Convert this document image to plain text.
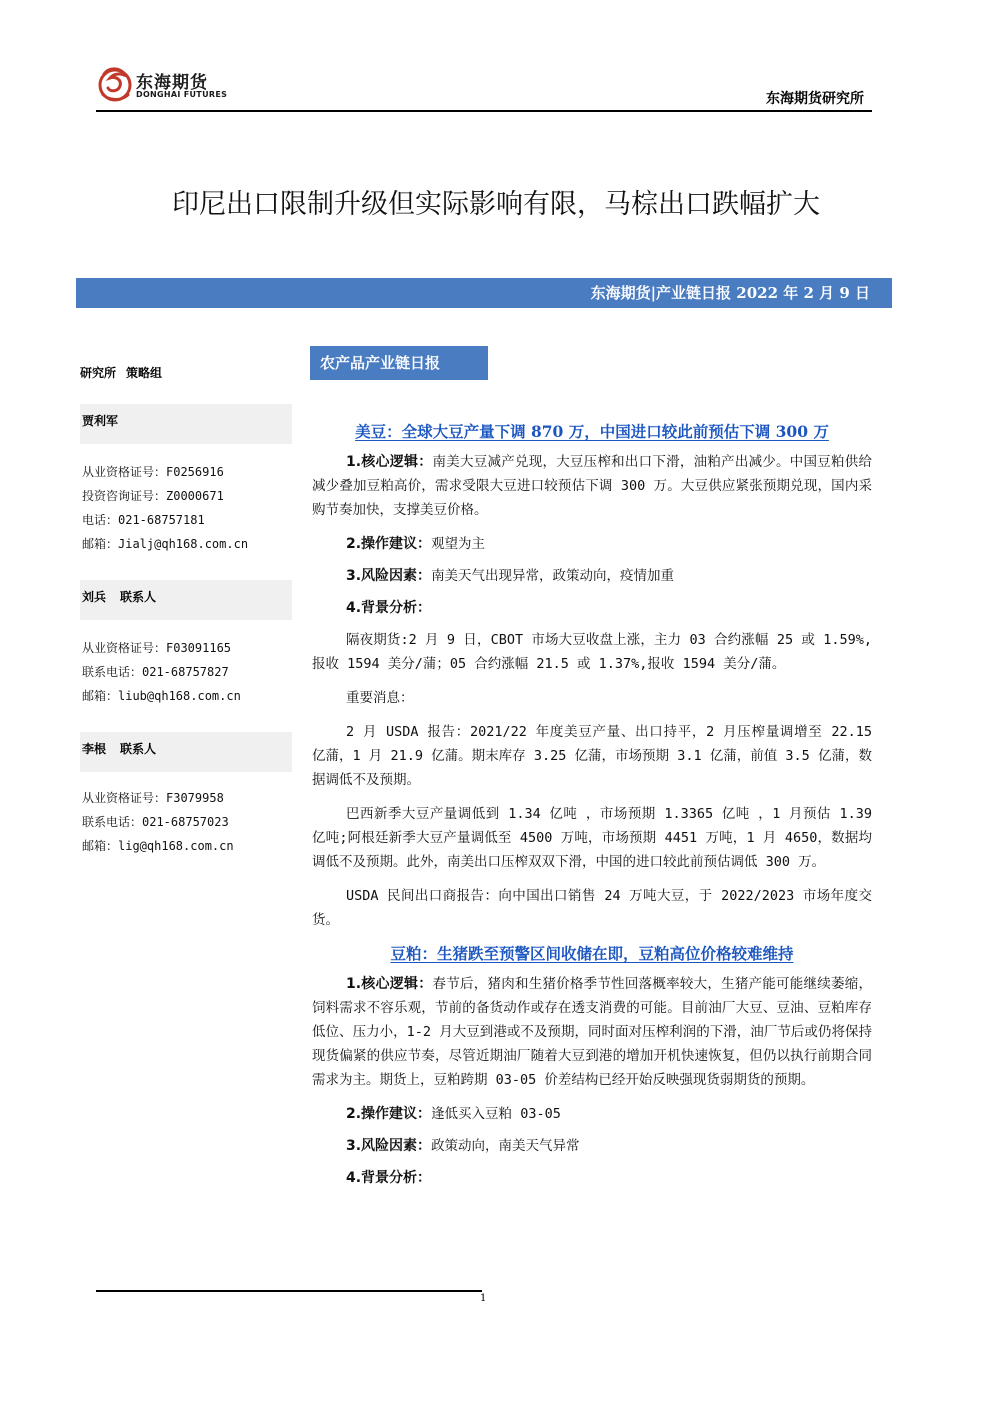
东海期货
DONGHAI FUTURES	东海期货研究所
印尼出口限制升级但实际影响有限，马棕出口跌幅扩大
东海期货|产业链日报 2022 年 2 月 9 日
研究所 策略组
贾利军
从业资格证号：F0256916
投资咨询证号：Z0000671
电话：021-68757181
邮箱：Jialj@qh168.com.cn
刘兵 联系人
从业资格证号：F03091165
联系电话：021-68757827
邮箱：liub@qh168.com.cn
李根 联系人
从业资格证号：F3079958
联系电话：021-68757023
邮箱：lig@qh168.com.cn
农产品产业链日报
美豆：全球大豆产量下调 870 万，中国进口较此前预估下调 300 万

1.核心逻辑：南美大豆减产兑现，大豆压榨和出口下滑，油粕产出减少。中国豆粕供给减少叠加豆粕高价，需求受限大豆进口较预估下调 300 万。大豆供应紧张预期兑现，国内采购节奏加快，支撑美豆价格。

2.操作建议：观望为主

3.风险因素：南美天气出现异常，政策动向，疫情加重

4.背景分析：

隔夜期货:2 月 9 日，CBOT 市场大豆收盘上涨，主力 03 合约涨幅 25 或 1.59%,报收 1594 美分/蒲；05 合约涨幅 21.5 或 1.37%,报收 1594 美分/蒲。

重要消息：

2 月 USDA 报告：2021/22 年度美豆产量、出口持平，2 月压榨量调增至 22.15 亿蒲，1 月 21.9 亿蒲。期末库存 3.25 亿蒲，市场预期 3.1 亿蒲，前值 3.5 亿蒲，数据调低不及预期。

巴西新季大豆产量调低到 1.34 亿吨 ，市场预期 1.3365 亿吨 ，1 月预估 1.39 亿吨;阿根廷新季大豆产量调低至 4500 万吨，市场预期 4451 万吨，1 月 4650，数据均调低不及预期。此外，南美出口压榨双双下滑，中国的进口较此前预估调低 300 万。

USDA 民间出口商报告：向中国出口销售 24 万吨大豆，于 2022/2023 市场年度交货。

豆粕：生猪跌至预警区间收储在即，豆粕高位价格较难维持

1.核心逻辑：春节后，猪肉和生猪价格季节性回落概率较大，生猪产能可能继续萎缩，饲料需求不容乐观，节前的备货动作或存在透支消费的可能。目前油厂大豆、豆油、豆粕库存低位、压力小，1-2 月大豆到港或不及预期，同时面对压榨利润的下滑，油厂节后或仍将保持现货偏紧的供应节奏，尽管近期油厂随着大豆到港的增加开机快速恢复，但仍以执行前期合同需求为主。期货上，豆粕跨期 03-05 价差结构已经开始反映强现货弱期货的预期。

2.操作建议：逢低买入豆粕 03-05

3.风险因素：政策动向，南美天气异常

4.背景分析：

1
